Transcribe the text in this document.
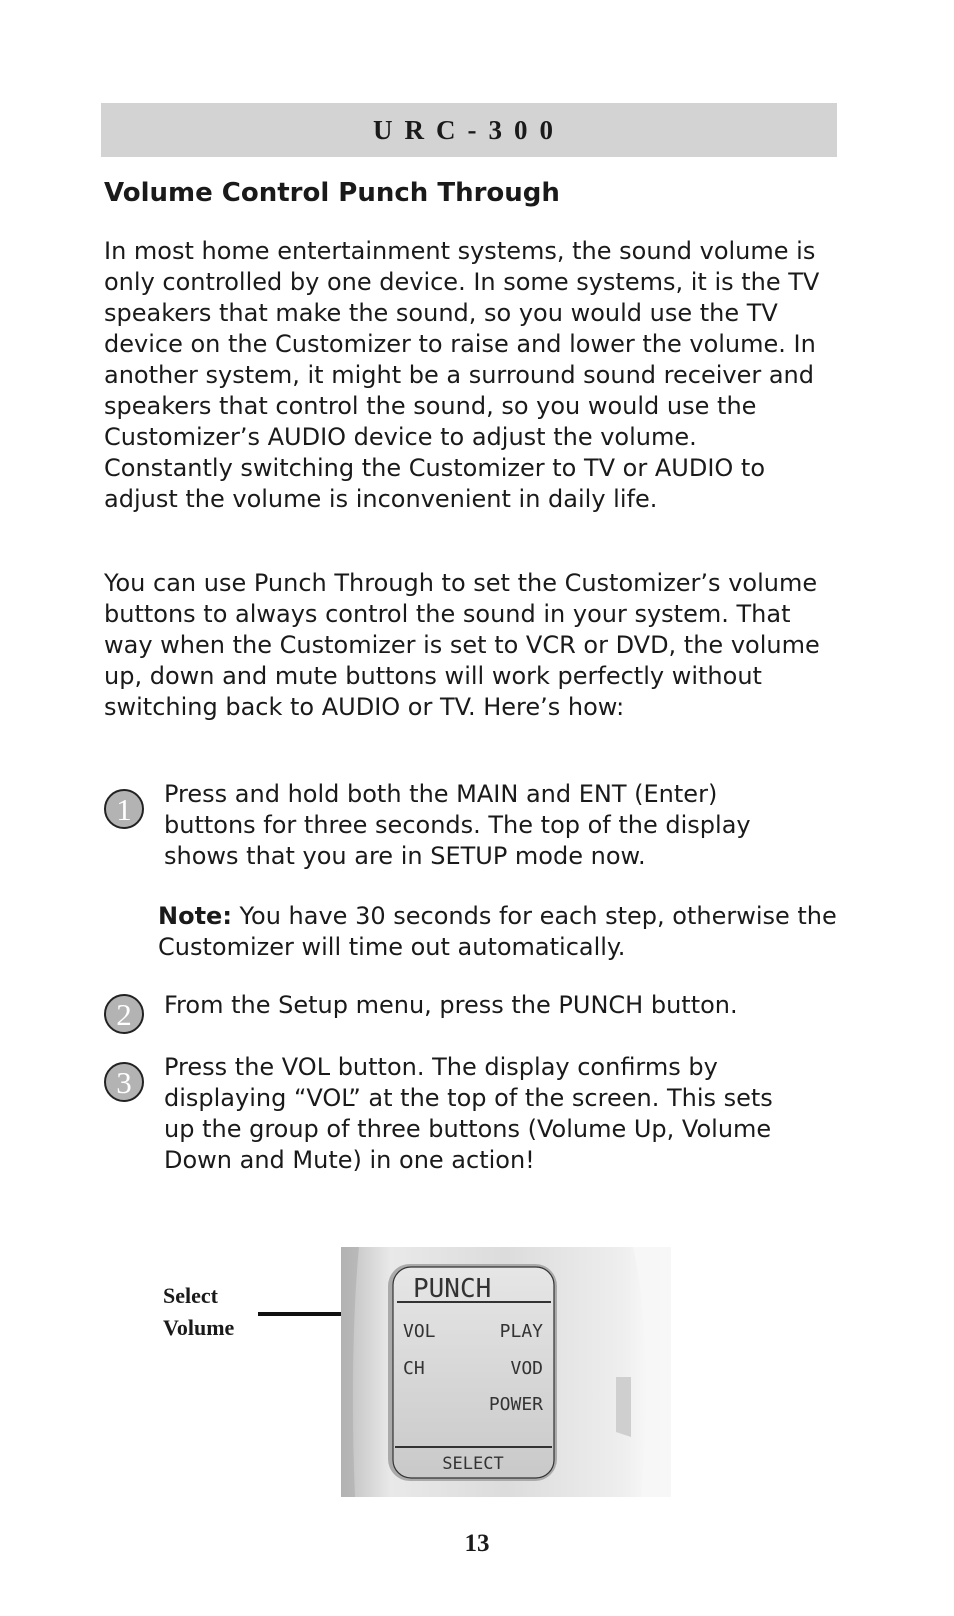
URC-300
Volume Control Punch Through

In most home entertainment systems, the sound volume is only controlled by one device. In some systems, it is the TV speakers that make the sound, so you would use the TV device on the Customizer to raise and lower the volume. In another system, it might be a surround sound receiver and speakers that control the sound, so you would use the Customizer’s AUDIO device to adjust the volume. Constantly switching the Customizer to TV or AUDIO to adjust the volume is inconvenient in daily life.

You can use Punch Through to set the Customizer’s volume buttons to always control the sound in your system. That way when the Customizer is set to VCR or DVD, the volume up, down and mute buttons will work perfectly without switching back to AUDIO or TV. Here’s how:

1	Press and hold both the MAIN and ENT (Enter) buttons for three seconds. The top of the display shows that you are in SETUP mode now.

Note: You have 30 seconds for each step, otherwise the Customizer will time out automatically.

2	From the Setup menu, press the PUNCH button.

3	Press the VOL button. The display confirms by displaying “VOL” at the top of the screen. This sets up the group of three buttons (Volume Up, Volume Down and Mute) in one action!

Select
Volume
PUNCH
VOL	PLAY
CH	VOD
POWER
SELECT
13
